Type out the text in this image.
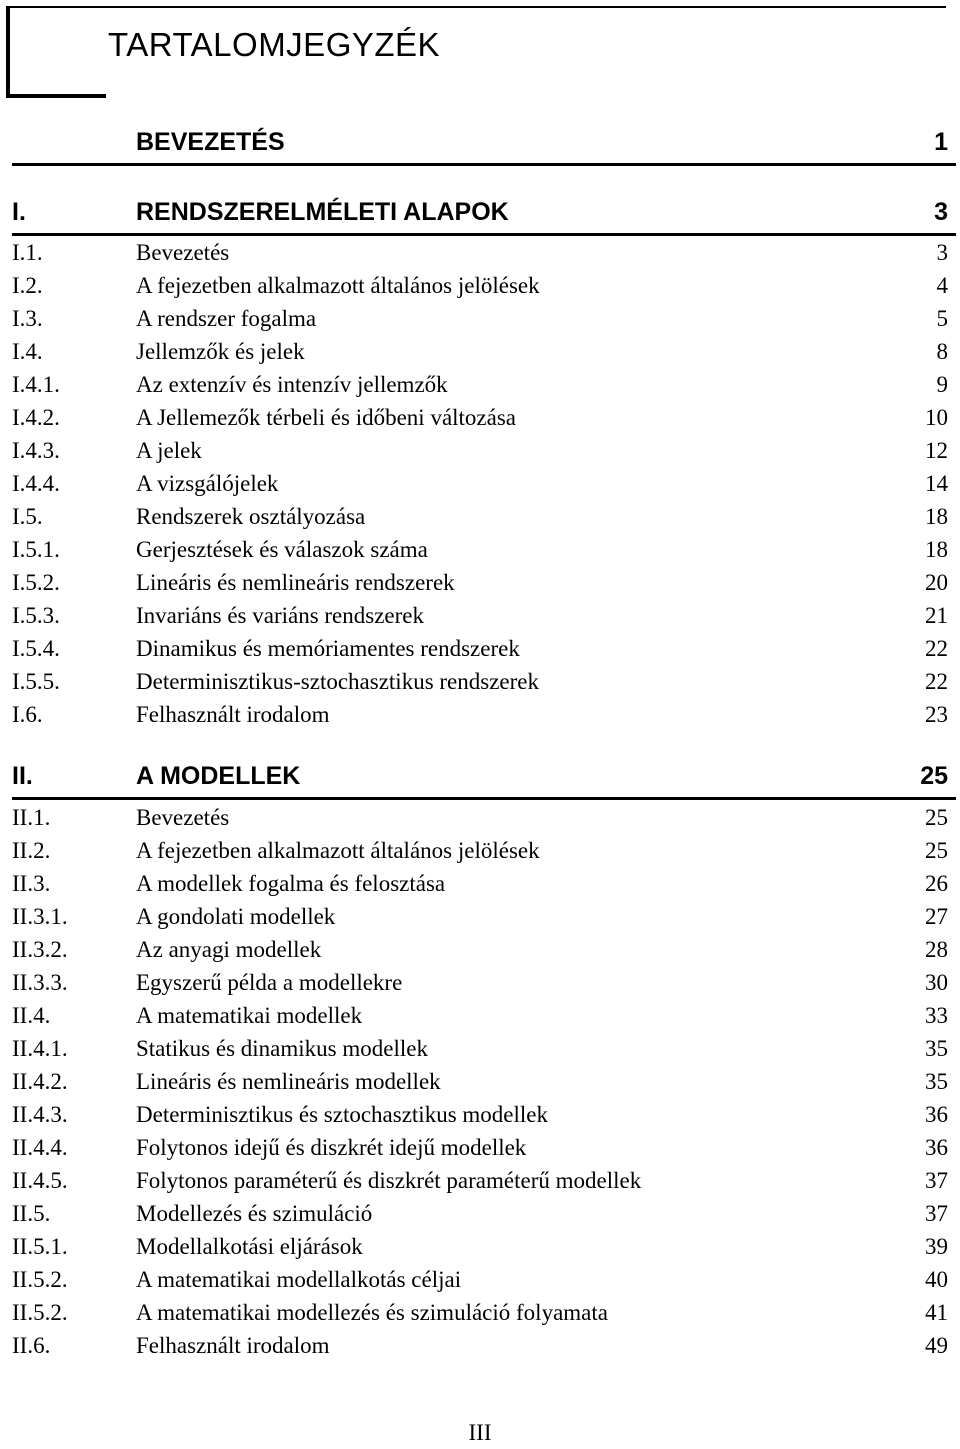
TARTALOMJEGYZÉK
BEVEZETÉS	1
I.	RENDSZERELMÉLETI ALAPOK	3
I.1.	Bevezetés	3
I.2.	A fejezetben alkalmazott általános jelölések	4
I.3.	A rendszer fogalma	5
I.4.	Jellemzők és jelek	8
I.4.1.	Az extenzív és intenzív jellemzők	9
I.4.2.	A Jellemezők térbeli és időbeni változása	10
I.4.3.	A jelek	12
I.4.4.	A vizsgálójelek	14
I.5.	Rendszerek osztályozása	18
I.5.1.	Gerjesztések és válaszok száma	18
I.5.2.	Lineáris és nemlineáris rendszerek	20
I.5.3.	Invariáns és variáns rendszerek	21
I.5.4.	Dinamikus és memóriamentes rendszerek	22
I.5.5.	Determinisztikus-sztochasztikus rendszerek	22
I.6.	Felhasznált irodalom	23
II.	A MODELLEK	25
II.1.	Bevezetés	25
II.2.	A fejezetben alkalmazott általános jelölések	25
II.3.	A modellek fogalma és felosztása	26
II.3.1.	A gondolati modellek	27
II.3.2.	Az anyagi modellek	28
II.3.3.	Egyszerű példa a modellekre	30
II.4.	A matematikai modellek	33
II.4.1.	Statikus és dinamikus modellek	35
II.4.2.	Lineáris és nemlineáris modellek	35
II.4.3.	Determinisztikus és sztochasztikus modellek	36
II.4.4.	Folytonos idejű és diszkrét idejű modellek	36
II.4.5.	Folytonos paraméterű és diszkrét paraméterű modellek	37
II.5.	Modellezés és szimuláció	37
II.5.1.	Modellalkotási eljárások	39
II.5.2.	A matematikai modellalkotás céljai	40
II.5.2.	A matematikai modellezés és szimuláció folyamata	41
II.6.	Felhasznált irodalom	49
III
